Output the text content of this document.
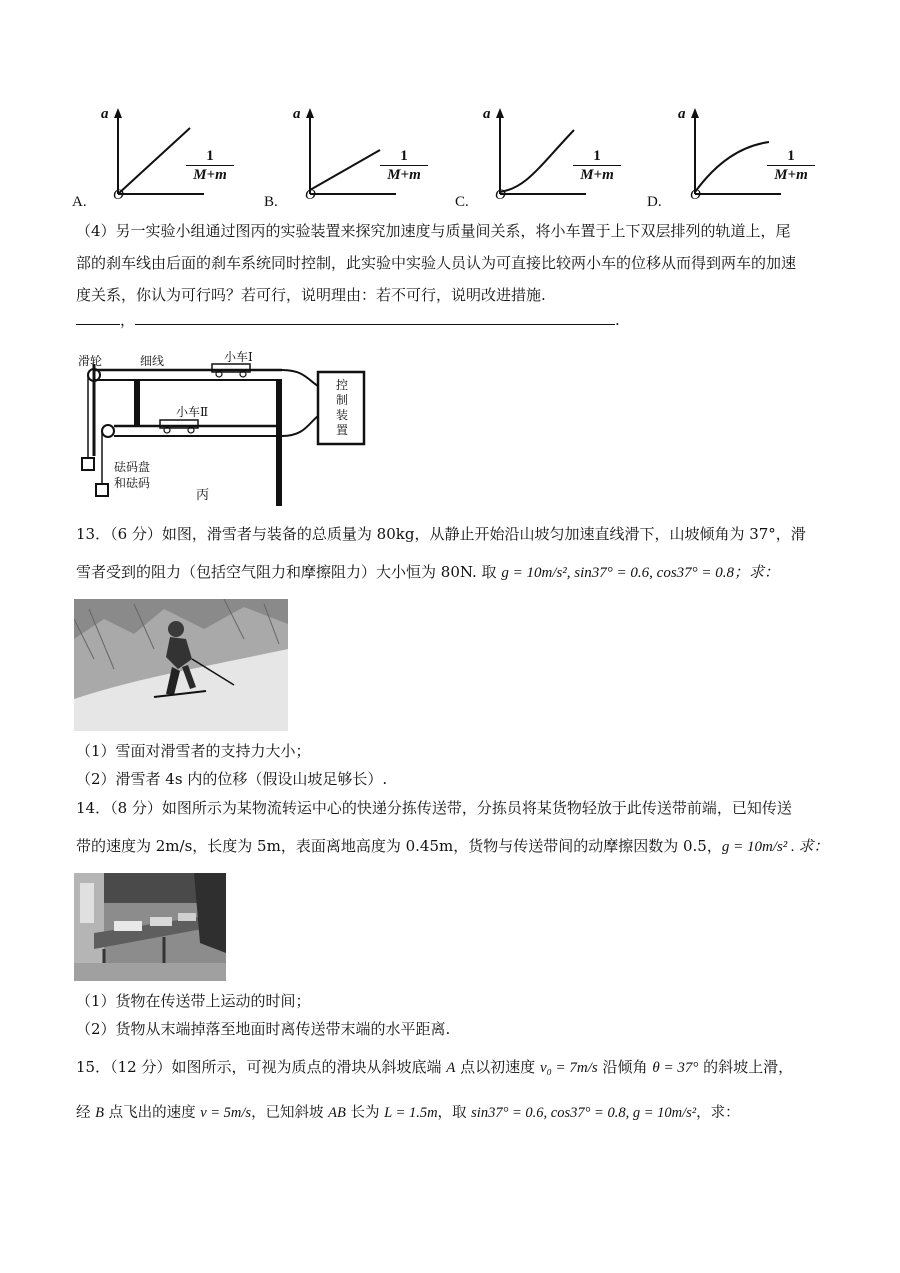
a
O
1
M+m
A.
a
O
1
M+m
B.
a
O
1
M+m
C.
a
O
1
M+m
D.
（4）另一实验小组通过图丙的实验装置来探究加速度与质量间关系，将小车置于上下双层排列的轨道上，尾
部的刹车线由后面的刹车系统同时控制，此实验中实验人员认为可直接比较两小车的位移从而得到两车的加速
度关系，你认为可行吗？若可行，说明理由：若不可行，说明改进措施.
，	.
滑轮	细线	小车Ⅰ
小车Ⅱ
砝码盘
和砝码
丙
控
制
装
置
13．（6 分）如图，滑雪者与装备的总质量为 80kg，从静止开始沿山坡匀加速直线滑下，山坡倾角为 37°，滑
雪者受到的阻力（包括空气阻力和摩擦阻力）大小恒为 80N. 取 g = 10m/s², sin37° = 0.6, cos37° = 0.8；求：
（1）雪面对滑雪者的支持力大小；
（2）滑雪者 4s 内的位移（假设山坡足够长）.
14．（8 分）如图所示为某物流转运中心的快递分拣传送带，分拣员将某货物轻放于此传送带前端，已知传送
带的速度为 2m/s，长度为 5m，表面离地高度为 0.45m，货物与传送带间的动摩擦因数为 0.5，g = 10m/s² . 求：
（1）货物在传送带上运动的时间；
（2）货物从末端掉落至地面时离传送带末端的水平距离.
15．（12 分）如图所示，可视为质点的滑块从斜坡底端 A 点以初速度 v₀ = 7m/s 沿倾角 θ = 37° 的斜坡上滑，
经 B 点飞出的速度 v = 5m/s，已知斜坡 AB 长为 L = 1.5m，取 sin37° = 0.6, cos37° = 0.8, g = 10m/s²，求：
